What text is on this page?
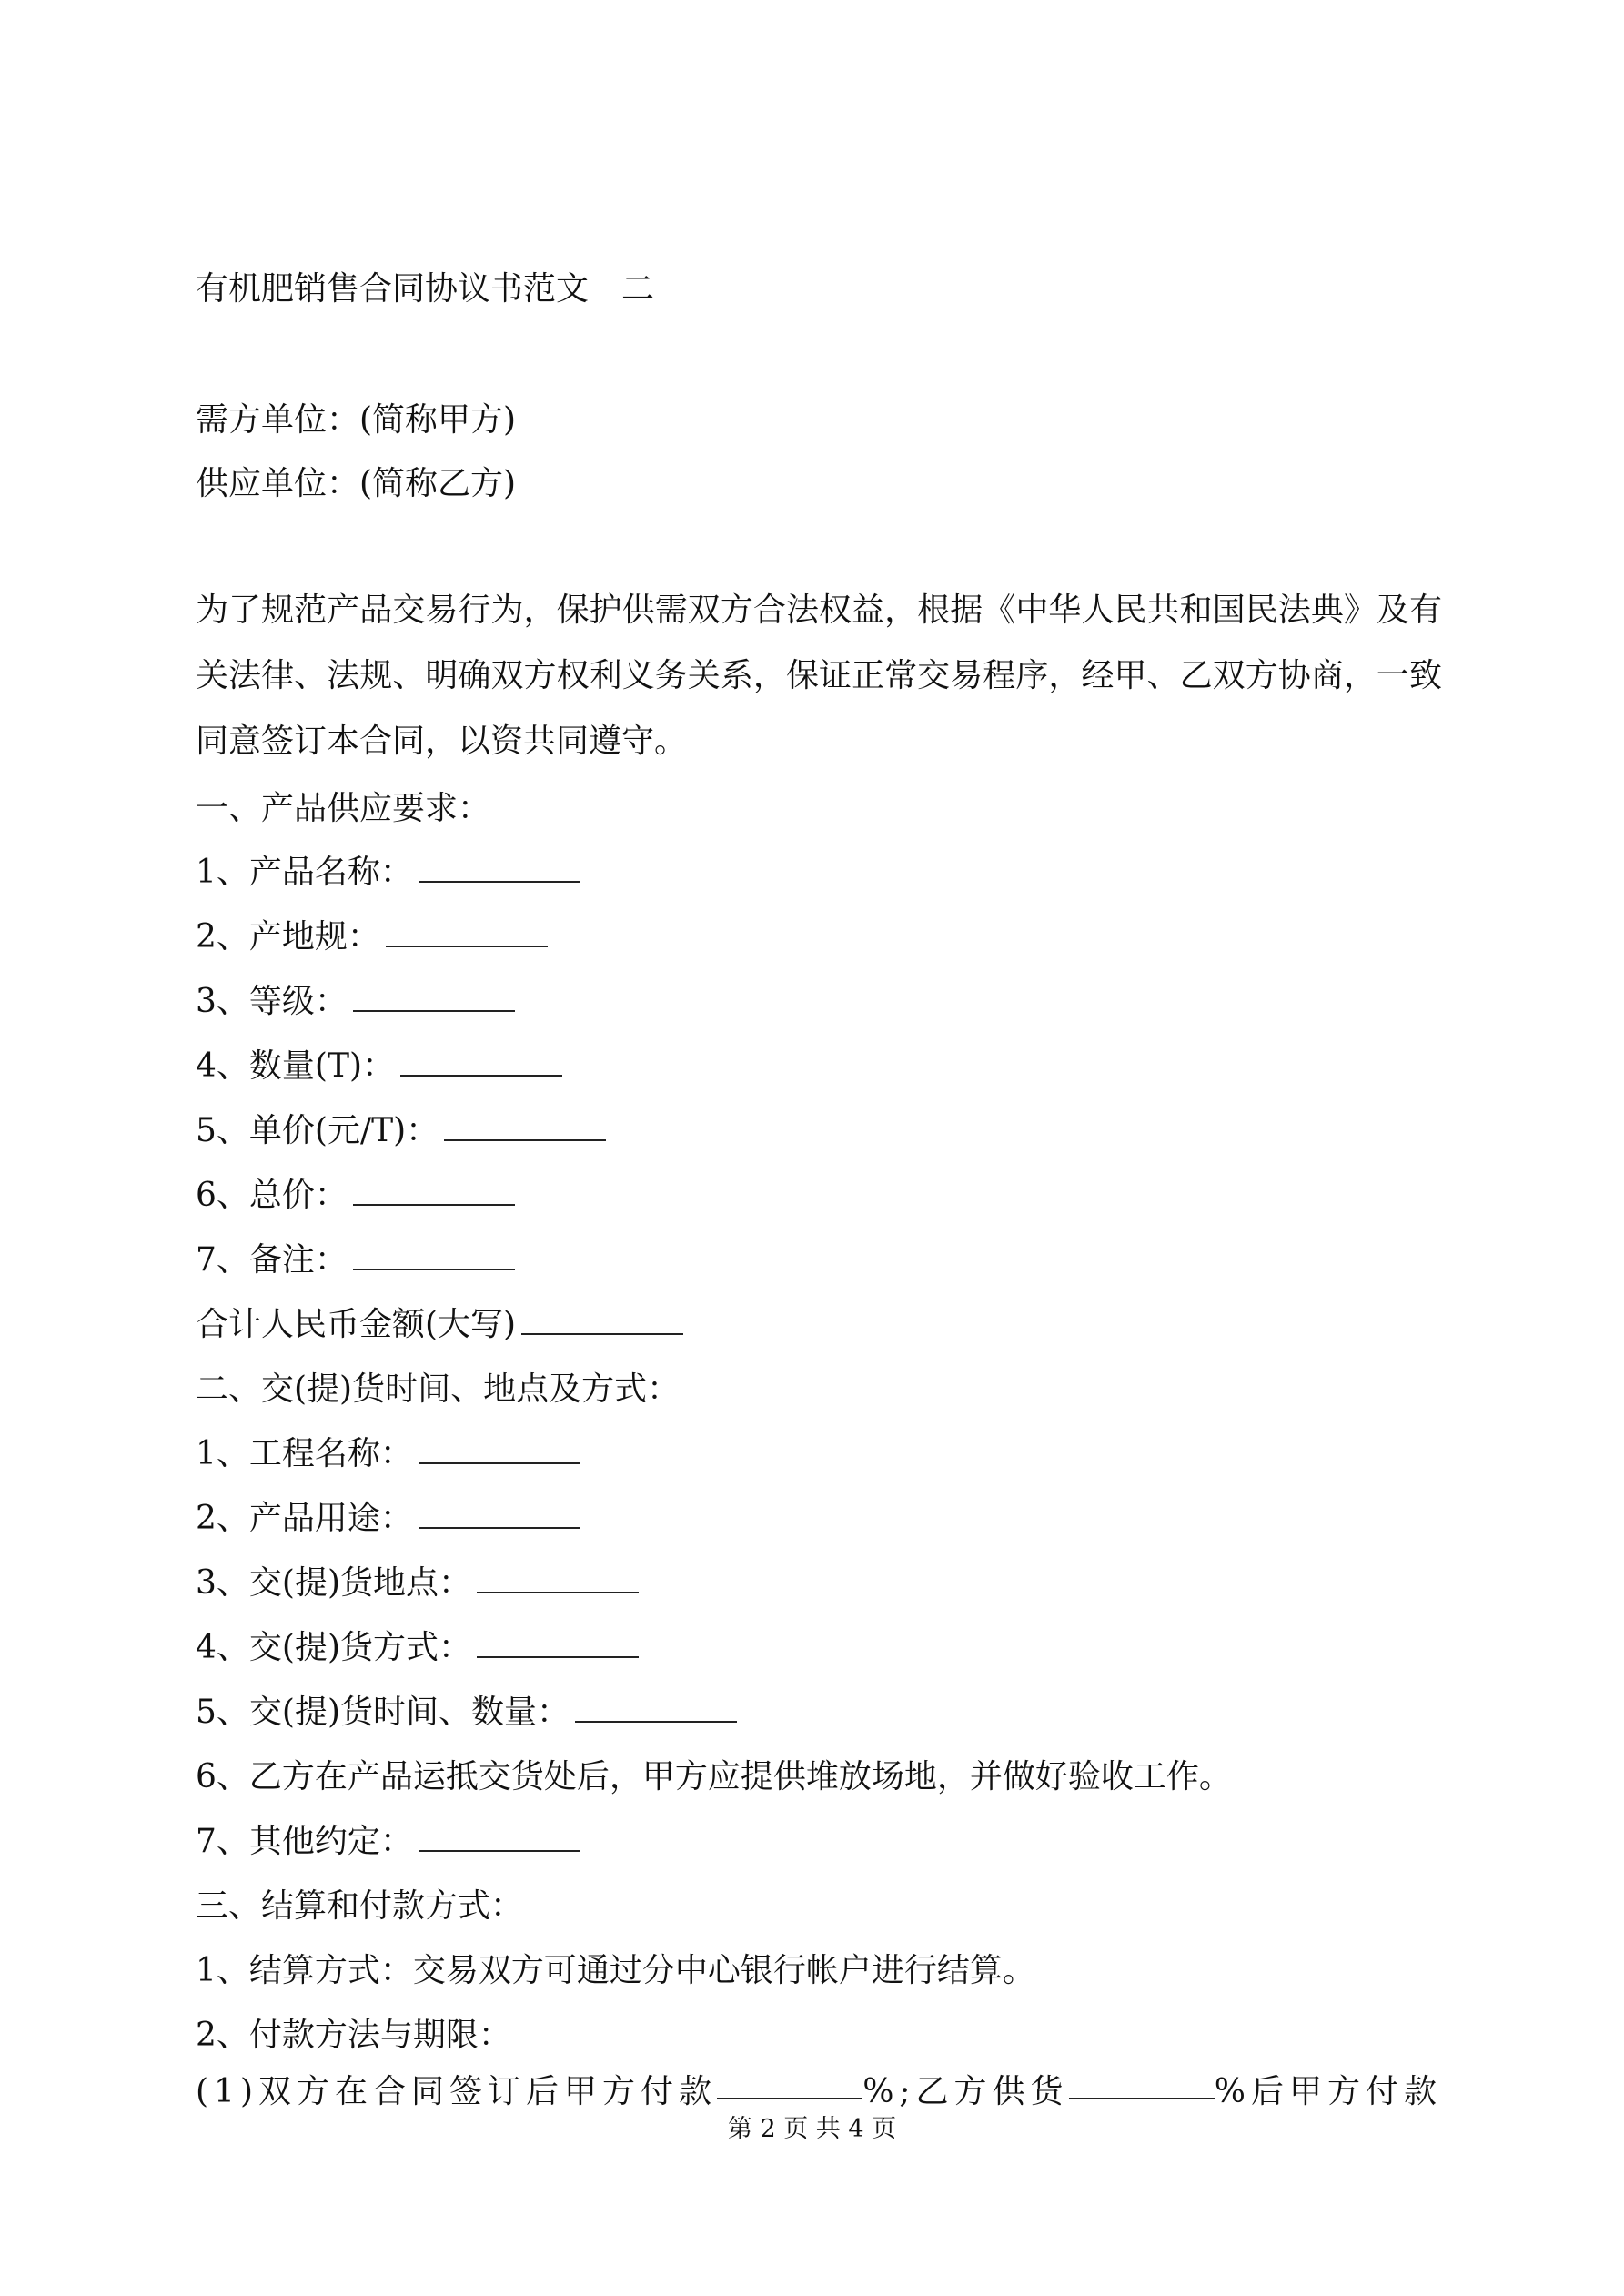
有机肥销售合同协议书范文　二
需方单位：(简称甲方)
供应单位：(简称乙方)
为了规范产品交易行为，保护供需双方合法权益，根据《中华人民共和国民法典》及有关法律、法规、明确双方权利义务关系，保证正常交易程序，经甲、乙双方协商，一致同意签订本合同，以资共同遵守。
一、产品供应要求：
1、产品名称：
2、产地规：
3、等级：
4、数量(T)：
5、单价(元/T)：
6、总价：
7、备注：
合计人民币金额(大写)
二、交(提)货时间、地点及方式：
1、工程名称：
2、产品用途：
3、交(提)货地点：
4、交(提)货方式：
5、交(提)货时间、数量：
6、乙方在产品运抵交货处后，甲方应提供堆放场地，并做好验收工作。
7、其他约定：
三、结算和付款方式：
1、结算方式：交易双方可通过分中心银行帐户进行结算。
2、付款方法与期限：
(1)双方在合同签订后甲方付款	%;乙方供货	%后甲方付款
第 2 页 共 4 页
